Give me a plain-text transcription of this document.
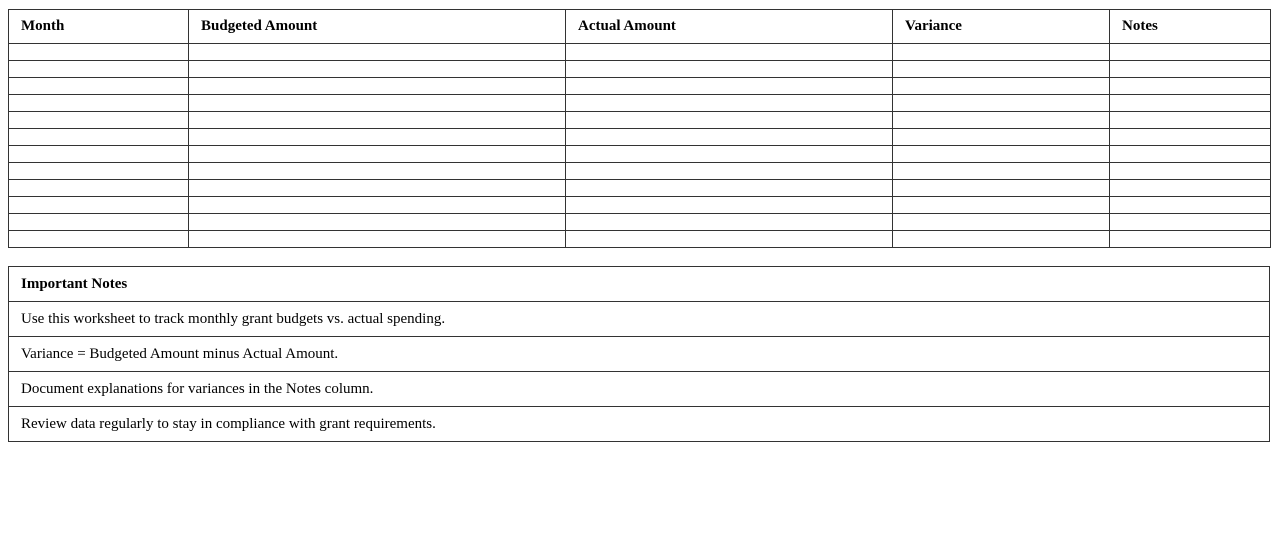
Month	Budgeted Amount	Actual Amount	Variance	Notes

Important Notes
Use this worksheet to track monthly grant budgets vs. actual spending.
Variance = Budgeted Amount minus Actual Amount.
Document explanations for variances in the Notes column.
Review data regularly to stay in compliance with grant requirements.
